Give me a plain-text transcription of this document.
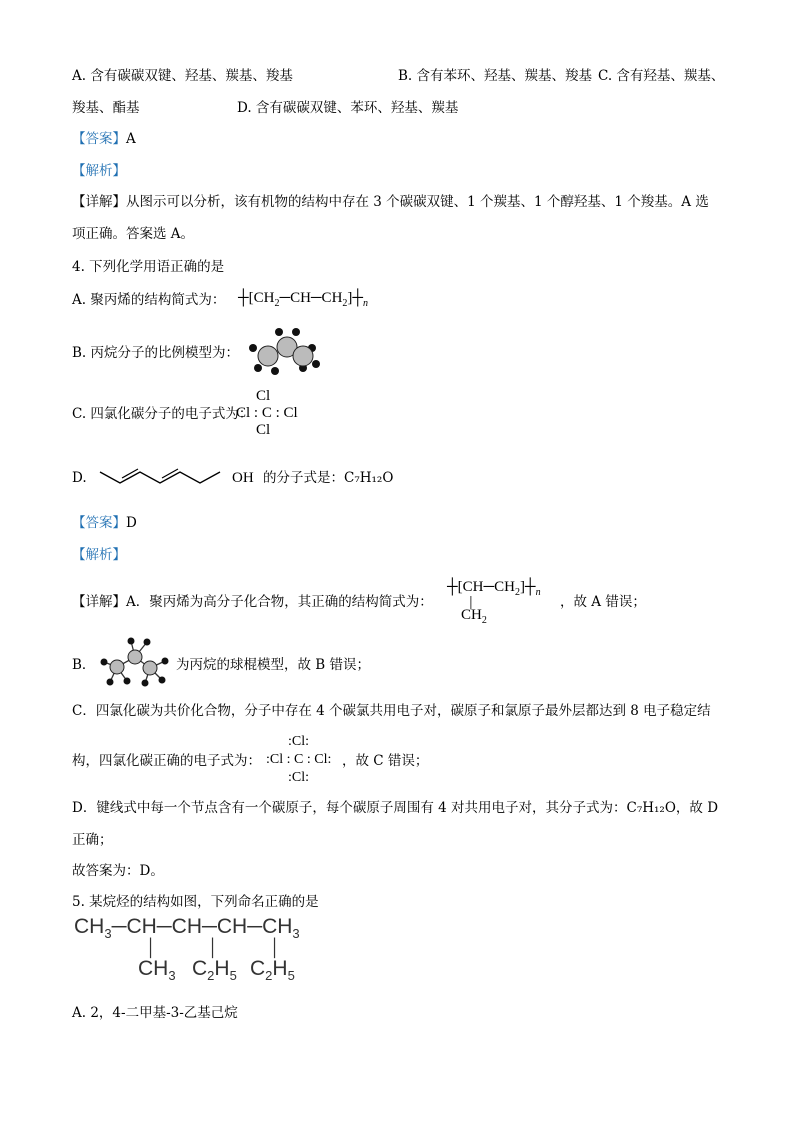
A. 含有碳碳双键、羟基、羰基、羧基	B. 含有苯环、羟基、羰基、羧基 C. 含有羟基、羰基、
羧基、酯基	D. 含有碳碳双键、苯环、羟基、羰基
【答案】A
【解析】
【详解】从图示可以分析，该有机物的结构中存在 3 个碳碳双键、1 个羰基、1 个醇羟基、1 个羧基。A 选
项正确。答案选 A。
4. 下列化学用语正确的是
A. 聚丙烯的结构简式为： $┼[CH_2─CH─CH_2]┼_n$
B. 丙烷分子的比例模型为：
C. 四氯化碳分子的电子式为：
Cl
Cl : C : Cl
Cl
D.	OH 的分子式是：C₇H₁₂O
【答案】D
【解析】
【详解】A．聚丙烯为高分子化合物，其正确的结构简式为：
$┼[CH─CH_2]┼_n$
│
$CH_2$
，故 A 错误；
B．	为丙烷的球棍模型，故 B 错误；
C．四氯化碳为共价化合物，分子中存在 4 个碳氯共用电子对，碳原子和氯原子最外层都达到 8 电子稳定结
构，四氯化碳正确的电子式为：
:Cl:
:Cl : C : Cl:
:Cl:
，故 C 错误；
D．键线式中每一个节点含有一个碳原子，每个碳原子周围有 4 对共用电子对，其分子式为：C₇H₁₂O，故 D
正确；
故答案为：D。
5. 某烷烃的结构如图，下列命名正确的是
$CH_3─CH─CH─CH─CH_3$
│	│	│
$CH_3$ $C_2H_5$ $C_2H_5$
A. 2，4-二甲基-3-乙基己烷
